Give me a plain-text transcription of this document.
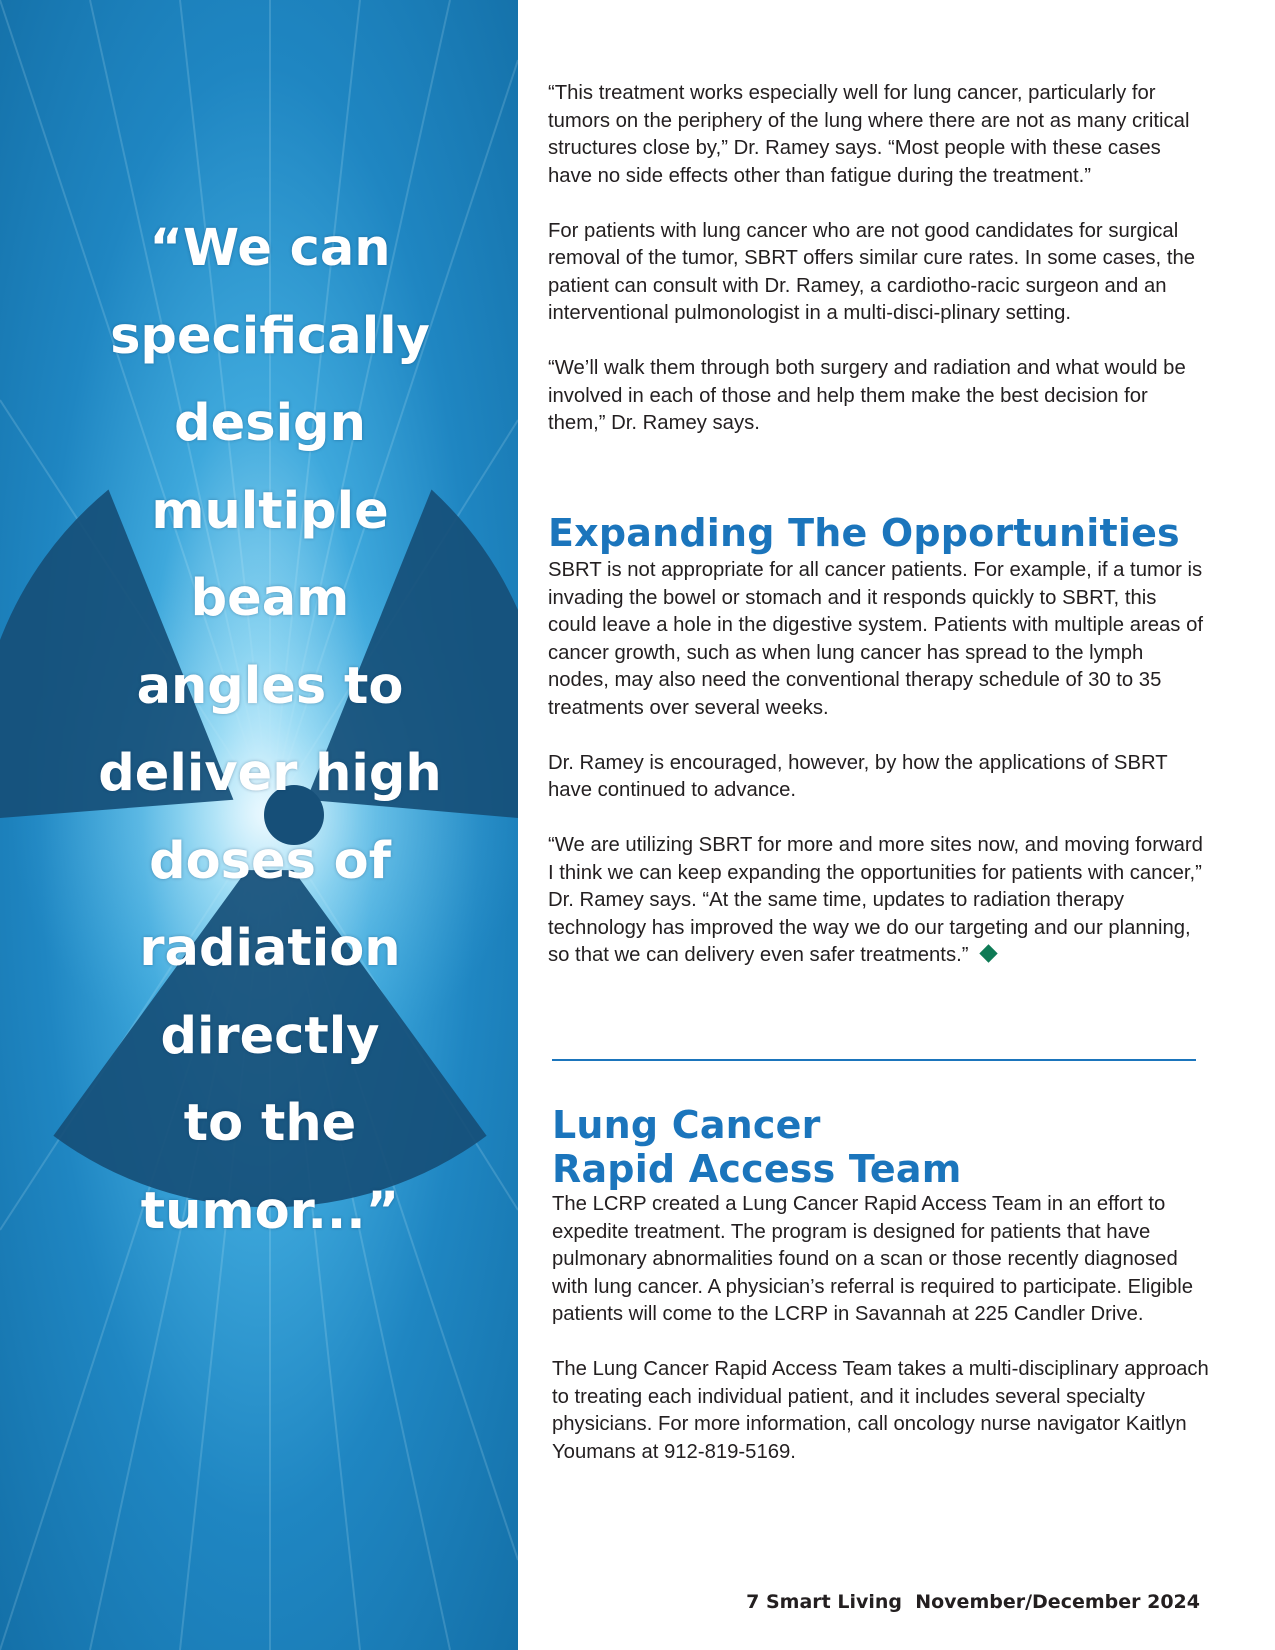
“We can
specifically
design
multiple
beam
angles to
deliver high
doses of
radiation
directly
to the
tumor...”

“This treatment works especially well for lung cancer, particularly for tumors on the periphery of the lung where there are not as many critical structures close by,” Dr. Ramey says. “Most people with these cases have no side effects other than fatigue during the treatment.”

For patients with lung cancer who are not good candidates for surgical removal of the tumor, SBRT offers similar cure rates. In some cases, the patient can consult with Dr. Ramey, a cardiotho-racic surgeon and an interventional pulmonologist in a multi-disci-plinary setting.

“We’ll walk them through both surgery and radiation and what would be involved in each of those and help them make the best decision for them,” Dr. Ramey says.

Expanding The Opportunities

SBRT is not appropriate for all cancer patients. For example, if a tumor is invading the bowel or stomach and it responds quickly to SBRT, this could leave a hole in the digestive system. Patients with multiple areas of cancer growth, such as when lung cancer has spread to the lymph nodes, may also need the conventional therapy schedule of 30 to 35 treatments over several weeks.

Dr. Ramey is encouraged, however, by how the applications of SBRT have continued to advance.

“We are utilizing SBRT for more and more sites now, and moving forward I think we can keep expanding the opportunities for patients with cancer,” Dr. Ramey says. “At the same time, updates to radiation therapy technology has improved the way we do our targeting and our planning, so that we can delivery even safer treatments.”

Lung Cancer
Rapid Access Team

The LCRP created a Lung Cancer Rapid Access Team in an effort to expedite treatment. The program is designed for patients that have pulmonary abnormalities found on a scan or those recently diagnosed with lung cancer. A physician’s referral is required to participate. Eligible patients will come to the LCRP in Savannah at 225 Candler Drive.

The Lung Cancer Rapid Access Team takes a multi-disciplinary approach to treating each individual patient, and it includes several specialty physicians. For more information, call oncology nurse navigator Kaitlyn Youmans at 912-819-5169.

7 Smart Living  November/December 2024
